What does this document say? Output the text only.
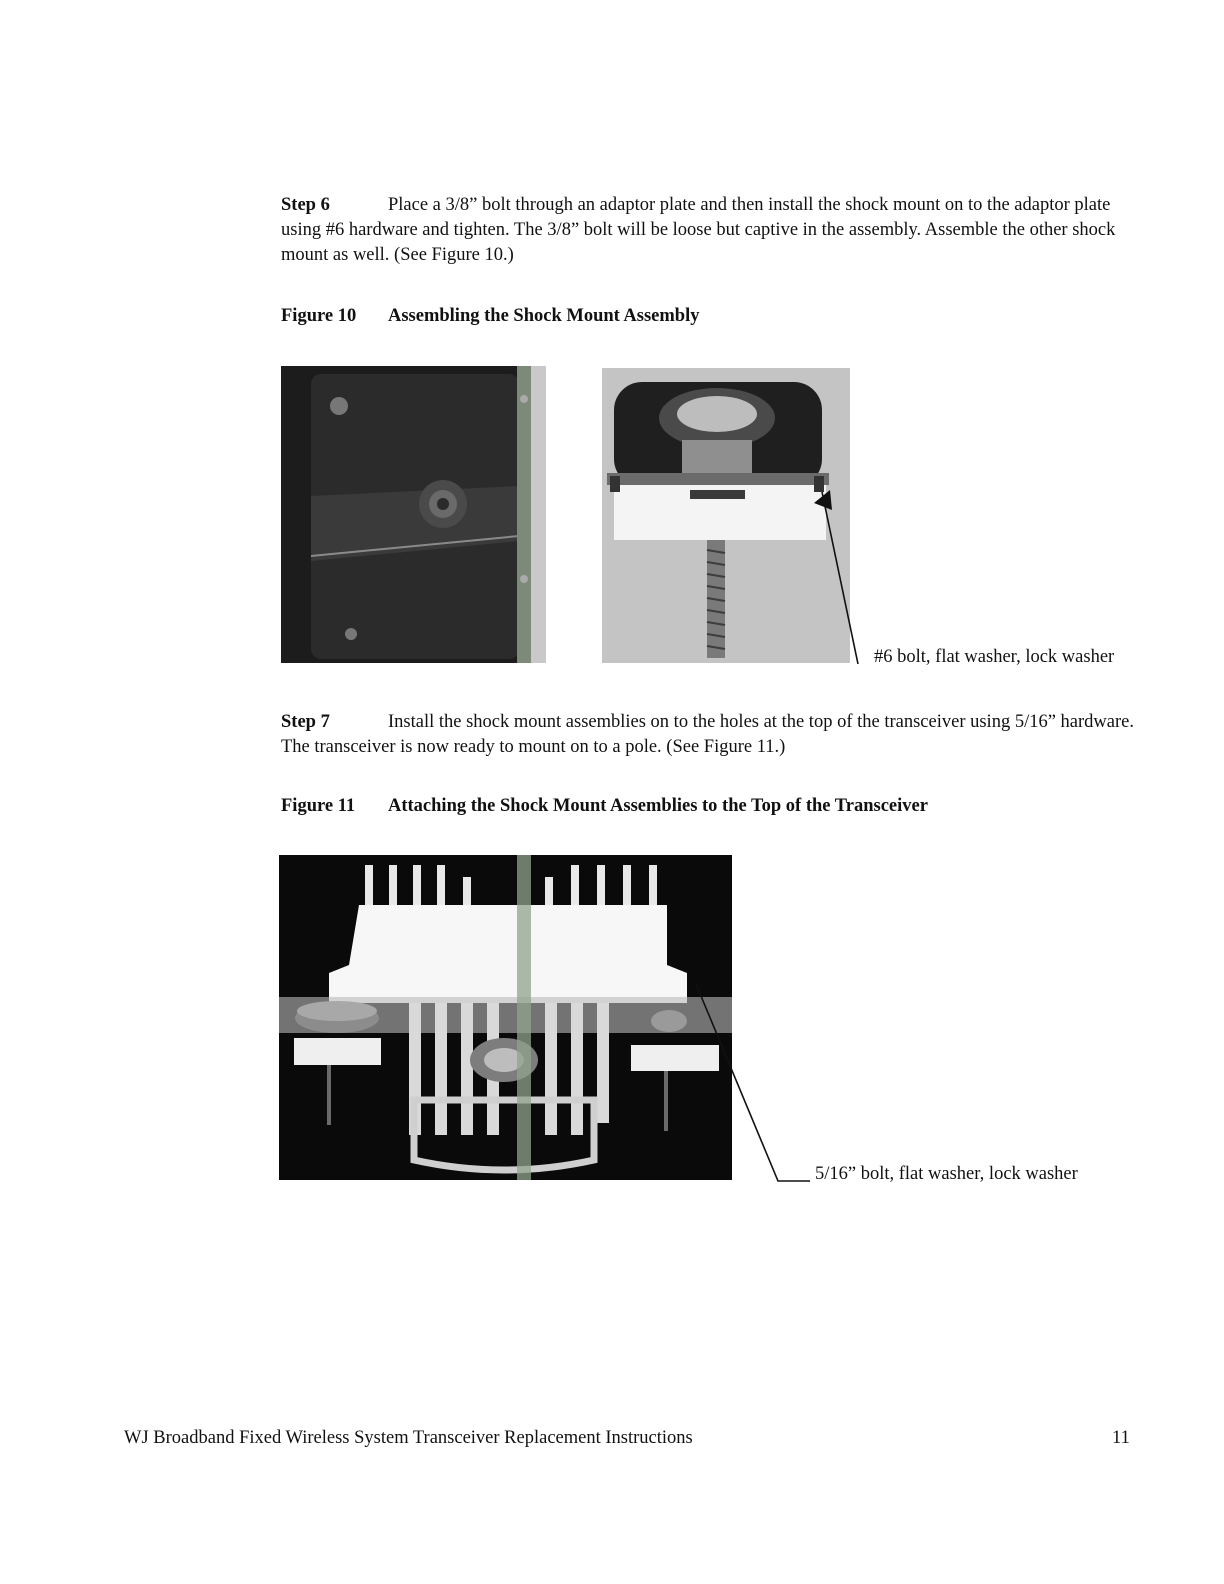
Step 6	Place a 3/8” bolt through an adaptor plate and then install the shock mount on to the adaptor plate using #6 hardware and tighten. The 3/8” bolt will be loose but captive in the assembly. Assemble the other shock mount as well. (See Figure 10.)
Figure 10 Assembling the Shock Mount Assembly
#6 bolt, flat washer, lock washer
Step 7	Install the shock mount assemblies on to the holes at the top of the transceiver using 5/16” hardware. The transceiver is now ready to mount on to a pole. (See Figure 11.)
Figure 11 Attaching the Shock Mount Assemblies to the Top of the Transceiver
5/16” bolt, flat washer, lock washer
WJ Broadband Fixed Wireless System Transceiver Replacement Instructions	11
